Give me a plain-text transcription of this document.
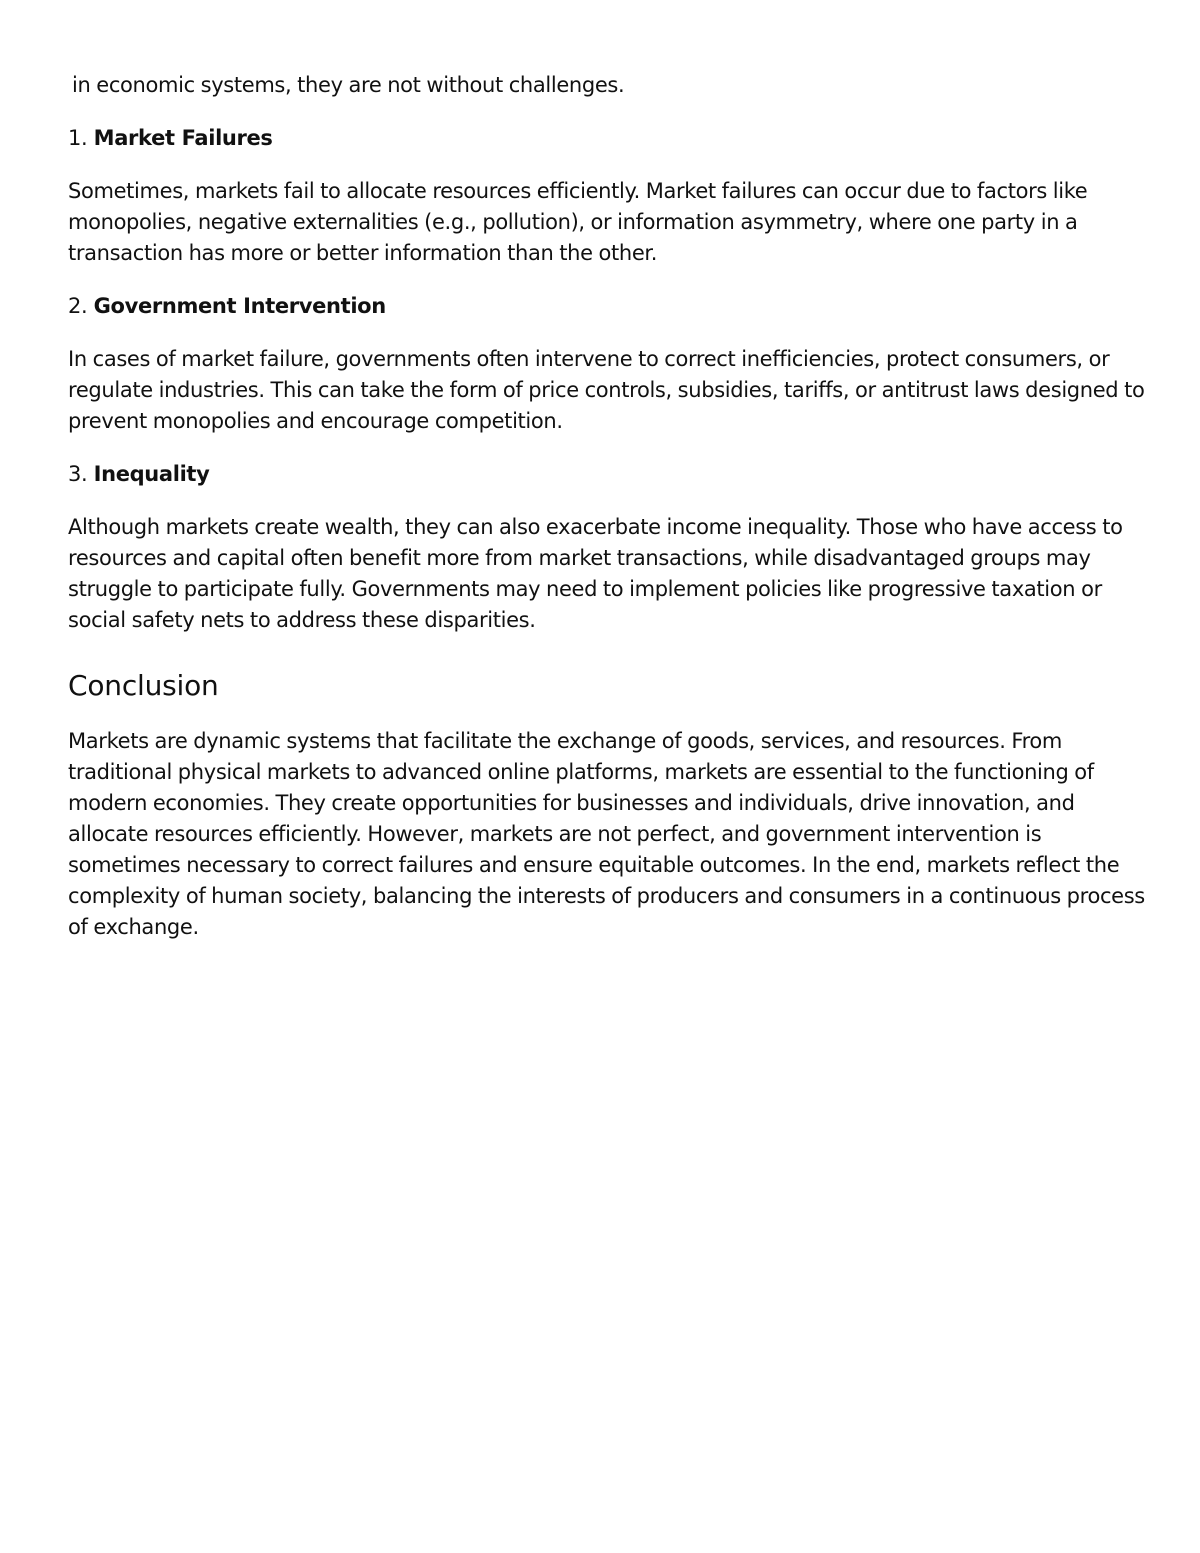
in economic systems, they are not without challenges.

1. Market Failures

Sometimes, markets fail to allocate resources efficiently. Market failures can occur due to factors like monopolies, negative externalities (e.g., pollution), or information asymmetry, where one party in a transaction has more or better information than the other.

2. Government Intervention

In cases of market failure, governments often intervene to correct inefficiencies, protect consumers, or regulate industries. This can take the form of price controls, subsidies, tariffs, or antitrust laws designed to prevent monopolies and encourage competition.

3. Inequality

Although markets create wealth, they can also exacerbate income inequality. Those who have access to resources and capital often benefit more from market transactions, while disadvantaged groups may struggle to participate fully. Governments may need to implement policies like progressive taxation or social safety nets to address these disparities.

Conclusion

Markets are dynamic systems that facilitate the exchange of goods, services, and resources. From traditional physical markets to advanced online platforms, markets are essential to the functioning of modern economies. They create opportunities for businesses and individuals, drive innovation, and allocate resources efficiently. However, markets are not perfect, and government intervention is sometimes necessary to correct failures and ensure equitable outcomes. In the end, markets reflect the complexity of human society, balancing the interests of producers and consumers in a continuous process of exchange.
